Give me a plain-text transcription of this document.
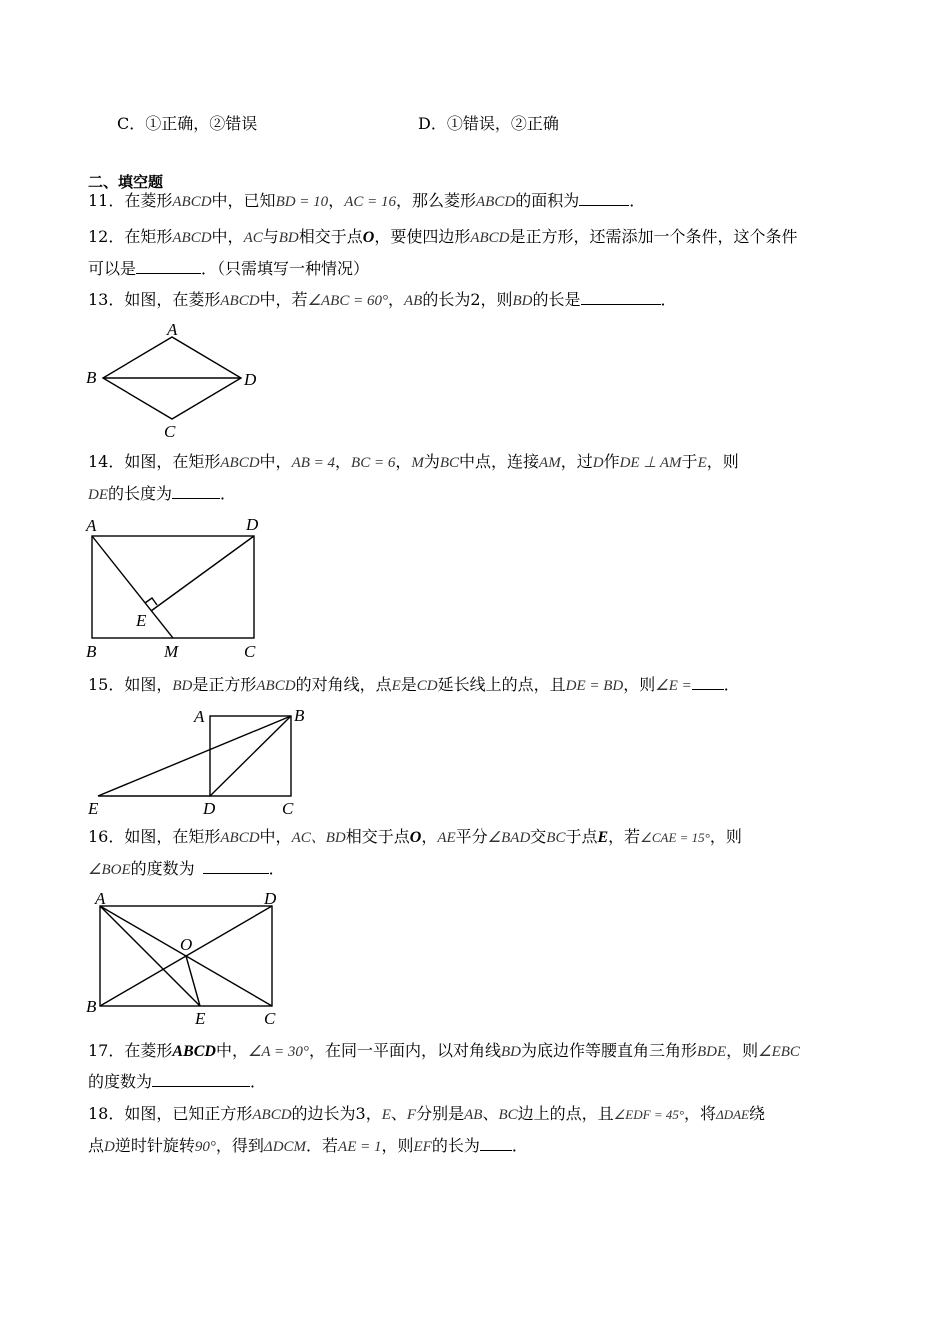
C．①正确，②错误	D．①错误，②正确
二、填空题
11．在菱形ABCD中，已知BD = 10，AC = 16，那么菱形ABCD的面积为	．
12．在矩形ABCD中，AC与BD相交于点O，要使四边形ABCD是正方形，还需添加一个条件，这个条件
可以是	．（只需填写一种情况）
13．如图，在菱形ABCD中，若∠ABC = 60°，AB的长为2，则BD的长是	．
A
B
C
D
14．如图，在矩形ABCD中，AB = 4，BC = 6，M为BC中点，连接AM，过D作DE ⊥ AM于E，则
DE的长度为	．
A	D
E
B	M	C
15．如图，BD是正方形ABCD的对角线，点E是CD延长线上的点，且DE = BD，则∠E = ．
A	B
E	D	C
16．如图，在矩形ABCD中，AC、BD相交于点O，AE平分∠BAD交BC于点E，若∠CAE = 15°，则
∠BOE的度数为	．
A	D
O
B
E	C
17．在菱形ABCD中，∠A = 30°，在同一平面内，以对角线BD为底边作等腰直角三角形BDE，则∠EBC
的度数为	．
18．如图，已知正方形ABCD的边长为3，E、F分别是AB、BC边上的点，且∠EDF = 45°，将ΔDAE绕
点D逆时针旋转90°，得到ΔDCM．若AE = 1，则EF的长为 ．
